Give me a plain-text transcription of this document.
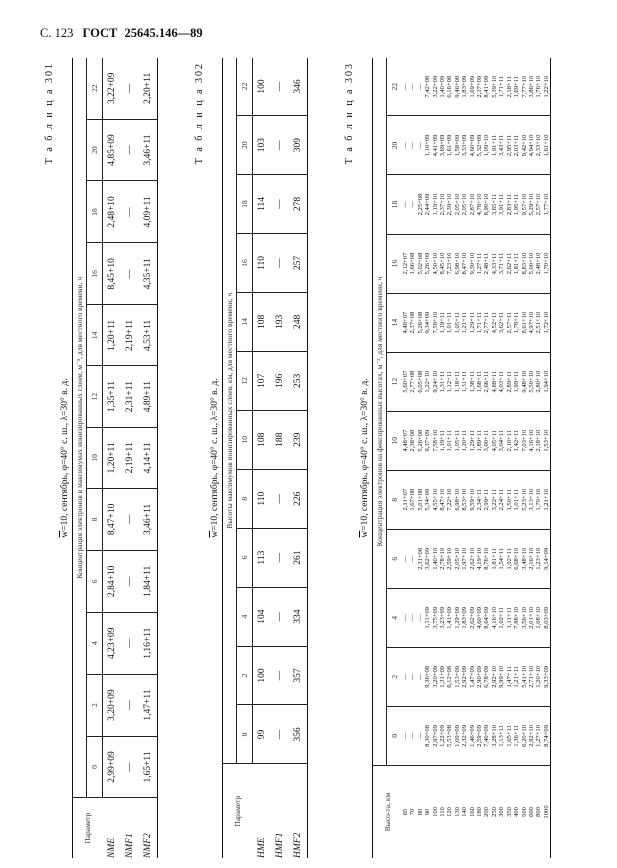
С. 123 ГОСТ 25645.146—89
Т а б л и ц а 301
$\overline{w}=10$, сентябрь, φ=40° с. ш., λ=30° в. д.
Параметр	Концентрация электронов в максимумах ионизированных слоев, м⁻³, для местного времени, ч											
	0	2	4	6	8	10	12	14	16	18	20	22
NME	2,99+09	3,20+09	4,23+09	2,84+10	8,47+10	1,20+11	1,35+11	1,20+11	8,45+10	2,48+10	4,85+09	3,22+09
NMF1	—	—	—	—	—	2,19+11	2,31+11	2,19+11	—	—	—	—
NMF2	1,65+11	1,47+11	1,16+11	1,84+11	3,46+11	4,14+11	4,89+11	4,53+11	4,35+11	4,09+11	3,46+11	2,20+11	Т а б л и ц а 302
$\overline{w}=10$, сентябрь, φ=40° с. ш., λ=30° в. д.
Параметр	Высоты максимумов ионизированных слоев, км, для местного времени, ч											
	0	2	4	6	8	10	12	14	16	18	20	22
HME	99	100	104	113	110	108	107	108	110	114	103	100
HMF1	—	—	—	—	—	188	196	193	—	—	—	—
HMF2	356	357	334	261	226	239	253	248	257	278	309	346	Т а б л и ц а 303
$\overline{w}=10$, сентябрь, φ=40° с. ш., λ=30° в. д.
Высо-та, км	Концентрация электронов на фиксированных высотах, м⁻³, для местного времени, ч											
	0	2	4	6	8	10	12	14	16	18	20	22
65	—	—	—	—	2,11+07	4,48+07	5,60+07	4,48+07	2,12+07	—	—	—
70	—	—	—	—	1,67+08	2,38+08	2,77+08	2,37+08	1,66+08	—	—	—
80	—	—	—	2,31+08	5,01+08	5,26+08	6,05+08	5,26+08	5,02+08	2,25+08	—	—
90	8,30+08	9,36+08	1,11+09	3,62+09	5,34+09	9,37+09	1,22+10	9,34+09	5,26+09	2,44+09	1,10+09	7,42+08
100	2,97+09	3,20+09	3,75+09	1,40+10	4,55+10	7,58+10	9,24+10	7,58+10	4,50+10	1,19+10	4,41+09	3,22+09
110	1,22+09	1,31+09	3,23+09	2,78+10	8,47+10	1,19+11	1,31+11	1,19+11	8,45+10	2,37+10	3,69+09	1,40+09
120	5,53+08	6,12+08	1,41+09	2,59+10	7,22+10	1,01+11	1,12+11	1,01+11	7,23+10	2,39+10	1,61+09	6,16+08
130	1,09+09	1,53+09	1,29+09	2,05+10	6,98+10	1,05+11	1,18+11	1,05+11	6,98+10	2,05+10	1,58+09	9,46+08
140	2,32+09	2,92+09	1,83+09	1,97+10	8,53+10	1,20+11	1,31+11	1,21+11	8,47+10	2,05+10	3,33+09	1,83+09
160	1,46+09	1,47+09	2,62+09	2,62+10	9,59+10	1,29+11	1,38+11	1,29+11	9,30+10	2,87+10	4,60+09	1,69+09
180	2,59+09	2,90+09	4,60+09	4,19+10	2,34+11	1,89+11	1,68+11	1,71+11	1,27+11	4,78+10	5,32+09	2,37+09
200	7,40+09	6,78+09	8,64+09	8,76+10	2,99+11	3,00+11	2,66+11	2,77+11	2,48+11	8,90+10	1,09+10	8,41+09
250	3,28+10	2,92+10	4,16+10	1,81+11	3,22+11	4,05+11	4,88+11	4,52+11	4,33+11	3,65+11	1,91+11	5,39+10
300	1,13+11	9,99+10	1,02+11	1,54+11	2,24+11	3,04+11	4,03+11	3,62+11	3,71+11	3,91+11	3,43+11	1,71+11
350	1,65+11	1,47+11	1,11+11	1,02+11	1,50+11	2,10+11	2,89+11	2,57+11	2,62+11	2,83+11	2,95+11	2,18+11
400	1,36+11	1,21+11	7,88+10	6,68+10	1,01+11	1,42+11	1,99+11	1,78+11	1,81+11	1,95+11	2,03+11	1,69+11
500	6,20+10	5,41+10	3,56+10	3,48+10	5,23+10	7,03+10	9,48+10	8,61+10	8,83+10	9,57+10	9,42+10	7,77+10
600	2,92+10	2,71+10	2,01+10	2,16+10	3,13+10	4,16+10	5,50+10	4,97+10	5,00+10	5,29+10	4,94+10	3,86+10
800	1,27+10	1,20+10	1,08+10	1,23+10	1,70+10	2,18+10	2,80+10	2,51+10	2,48+10	2,57+10	2,33+10	1,76+10
1000	8,74+09	9,33+09	8,03+09	9,14+09	1,21+10	1,53+10	1,94+10	1,72+10	1,70+10	1,77+10	1,61+10	1,22+10
